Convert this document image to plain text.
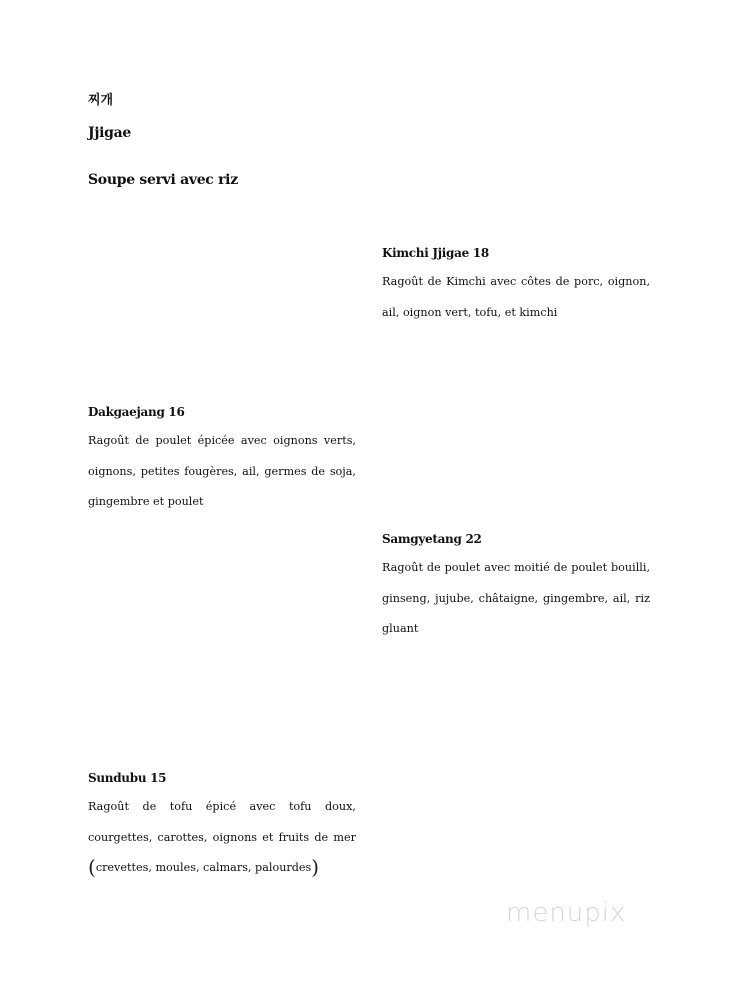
찌개
Jjigae
Soupe servi avec riz
Kimchi Jjigae 18
Ragoût de Kimchi avec côtes de porc, oignon, ail, oignon vert, tofu, et kimchi
Dakgaejang 16
Ragoût de poulet épicée avec oignons verts, oignons, petites fougères, ail, germes de soja, gingembre et poulet
Samgyetang 22
Ragoût de poulet avec moitié de poulet bouilli, ginseng, jujube, châtaigne, gingembre, ail, riz gluant
Sundubu 15
Ragoût de tofu épicé avec tofu doux, courgettes, carottes, oignons et fruits de mer (crevettes, moules, calmars, palourdes)
menupix
